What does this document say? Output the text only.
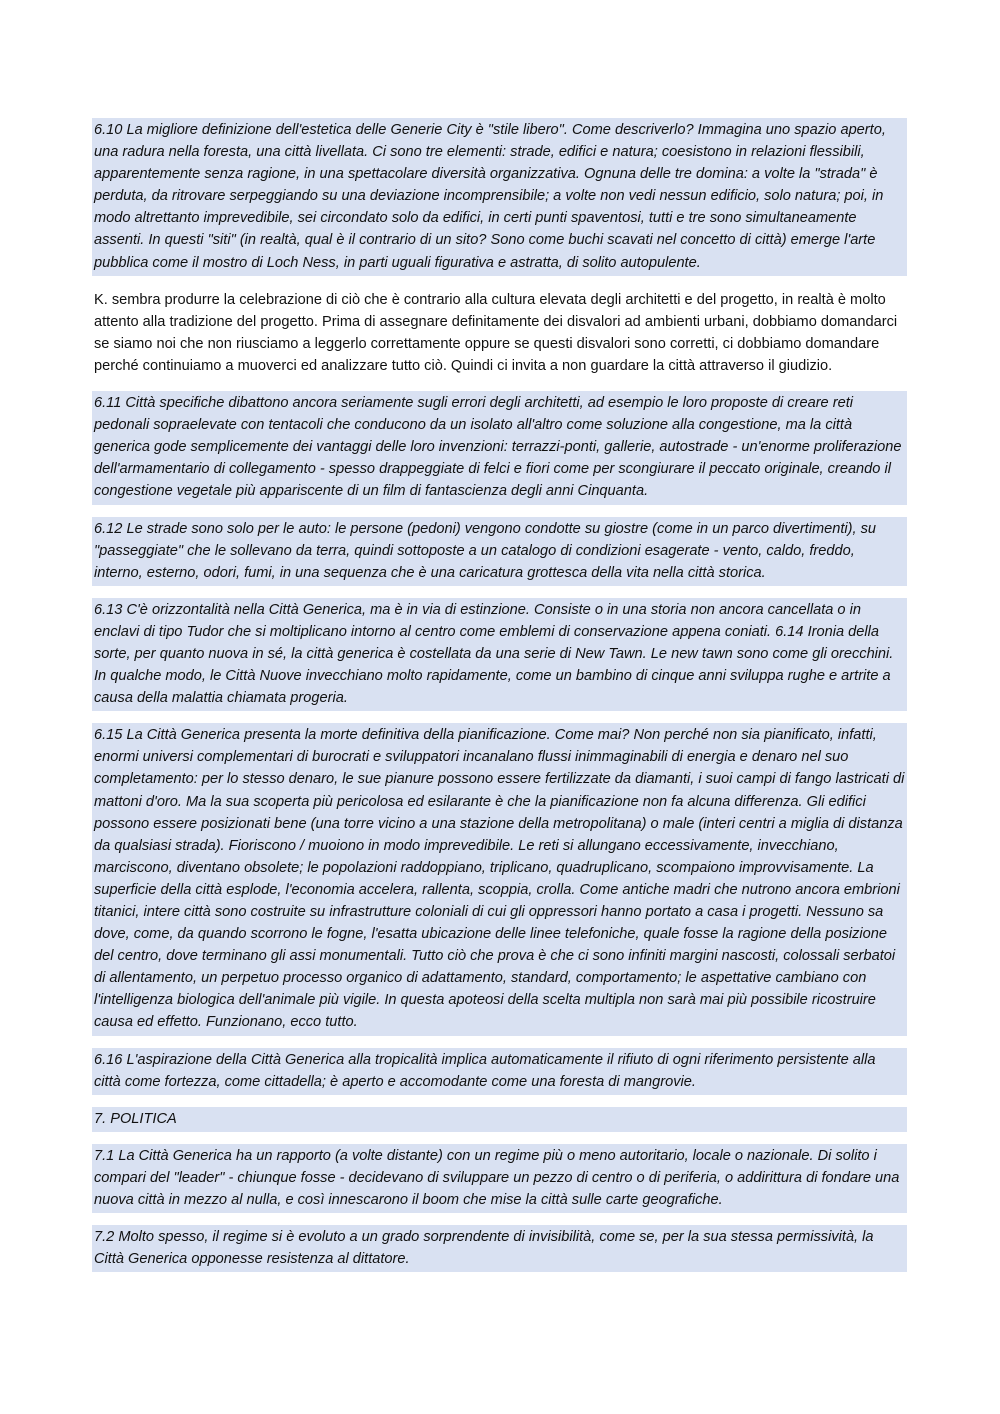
6.10 La migliore definizione dell'estetica delle Generie City è "stile libero". Come descriverlo? Immagina uno spazio aperto, una radura nella foresta, una città livellata. Ci sono tre elementi: strade, edifici e natura; coesistono in relazioni flessibili, apparentemente senza ragione, in una spettacolare diversità organizzativa. Ognuna delle tre domina: a volte la "strada" è perduta, da ritrovare serpeggiando su una deviazione incomprensibile; a volte non vedi nessun edificio, solo natura; poi, in modo altrettanto imprevedibile, sei circondato solo da edifici, in certi punti spaventosi, tutti e tre sono simultaneamente assenti. In questi "siti" (in realtà, qual è il contrario di un sito? Sono come buchi scavati nel concetto di città) emerge l'arte pubblica come il mostro di Loch Ness, in parti uguali figurativa e astratta, di solito autopulente.

K. sembra produrre la celebrazione di ciò che è contrario alla cultura elevata degli architetti e del progetto, in realtà è molto attento alla tradizione del progetto. Prima di assegnare definitamente dei disvalori ad ambienti urbani, dobbiamo domandarci se siamo noi che non riusciamo a leggerlo correttamente oppure se questi disvalori sono corretti, ci dobbiamo domandare perché continuiamo a muoverci ed analizzare tutto ciò. Quindi ci invita a non guardare la città attraverso il giudizio.

6.11 Città specifiche dibattono ancora seriamente sugli errori degli architetti, ad esempio le loro proposte di creare reti pedonali sopraelevate con tentacoli che conducono da un isolato all'altro come soluzione alla congestione, ma la città generica gode semplicemente dei vantaggi delle loro invenzioni: terrazzi-ponti, gallerie, autostrade - un'enorme proliferazione dell'armamentario di collegamento - spesso drappeggiate di felci e fiori come per scongiurare il peccato originale, creando il congestione vegetale più appariscente di un film di fantascienza degli anni Cinquanta.

6.12 Le strade sono solo per le auto: le persone (pedoni) vengono condotte su giostre (come in un parco divertimenti), su "passeggiate" che le sollevano da terra, quindi sottoposte a un catalogo di condizioni esagerate - vento, caldo, freddo, interno, esterno, odori, fumi, in una sequenza che è una caricatura grottesca della vita nella città storica.

6.13 C'è orizzontalità nella Città Generica, ma è in via di estinzione. Consiste o in una storia non ancora cancellata o in enclavi di tipo Tudor che si moltiplicano intorno al centro come emblemi di conservazione appena coniati. 6.14 Ironia della sorte, per quanto nuova in sé, la città generica è costellata da una serie di New Tawn. Le new tawn sono come gli orecchini. In qualche modo, le Città Nuove invecchiano molto rapidamente, come un bambino di cinque anni sviluppa rughe e artrite a causa della malattia chiamata progeria.

6.15 La Città Generica presenta la morte definitiva della pianificazione. Come mai? Non perché non sia pianificato, infatti, enormi universi complementari di burocrati e sviluppatori incanalano flussi inimmaginabili di energia e denaro nel suo completamento: per lo stesso denaro, le sue pianure possono essere fertilizzate da diamanti, i suoi campi di fango lastricati di mattoni d'oro. Ma la sua scoperta più pericolosa ed esilarante è che la pianificazione non fa alcuna differenza. Gli edifici possono essere posizionati bene (una torre vicino a una stazione della metropolitana) o male (interi centri a miglia di distanza da qualsiasi strada). Fioriscono / muoiono in modo imprevedibile. Le reti si allungano eccessivamente, invecchiano, marciscono, diventano obsolete; le popolazioni raddoppiano, triplicano, quadruplicano, scompaiono improvvisamente. La superficie della città esplode, l'economia accelera, rallenta, scoppia, crolla. Come antiche madri che nutrono ancora embrioni titanici, intere città sono costruite su infrastrutture coloniali di cui gli oppressori hanno portato a casa i progetti. Nessuno sa dove, come, da quando scorrono le fogne, l'esatta ubicazione delle linee telefoniche, quale fosse la ragione della posizione del centro, dove terminano gli assi monumentali. Tutto ciò che prova è che ci sono infiniti margini nascosti, colossali serbatoi di allentamento, un perpetuo processo organico di adattamento, standard, comportamento; le aspettative cambiano con l'intelligenza biologica dell'animale più vigile. In questa apoteosi della scelta multipla non sarà mai più possibile ricostruire causa ed effetto. Funzionano, ecco tutto.

6.16 L'aspirazione della Città Generica alla tropicalità implica automaticamente il rifiuto di ogni riferimento persistente alla città come fortezza, come cittadella; è aperto e accomodante come una foresta di mangrovie.

7. POLITICA

7.1 La Città Generica ha un rapporto (a volte distante) con un regime più o meno autoritario, locale o nazionale. Di solito i compari del "leader" - chiunque fosse - decidevano di sviluppare un pezzo di centro o di periferia, o addirittura di fondare una nuova città in mezzo al nulla, e così innescarono il boom che mise la città sulle carte geografiche.

7.2 Molto spesso, il regime si è evoluto a un grado sorprendente di invisibilità, come se, per la sua stessa permissività, la Città Generica opponesse resistenza al dittatore.
